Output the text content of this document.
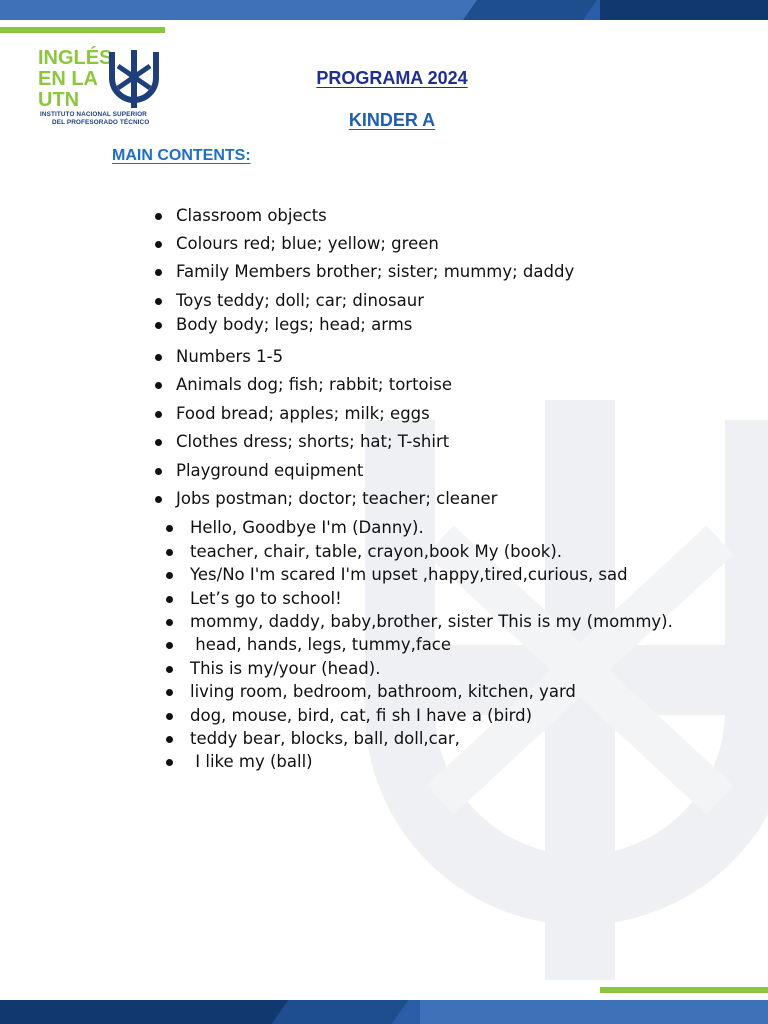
INGLÉS
EN LA
UTN
INSTITUTO NACIONAL SUPERIOR
DEL PROFESORADO TÉCNICO
PROGRAMA 2024
KINDER A
MAIN CONTENTS:
Classroom objects
Colours red; blue; yellow; green
Family Members brother; sister; mummy; daddy
Toys teddy; doll; car; dinosaur
Body body; legs; head; arms
Numbers 1-5
Animals dog; fish; rabbit; tortoise
Food bread; apples; milk; eggs
Clothes dress; shorts; hat; T-shirt
Playground equipment
Jobs postman; doctor; teacher; cleaner
Hello, Goodbye I'm (Danny).
teacher, chair, table, crayon,book My (book).
Yes/No I'm scared I'm upset ,happy,tired,curious, sad
Let’s go to school!
mommy, daddy, baby,brother, sister This is my (mommy).
head, hands, legs, tummy,face
This is my/your (head).
living room, bedroom, bathroom, kitchen, yard
dog, mouse, bird, cat, fi sh I have a (bird)
teddy bear, blocks, ball, doll,car,
I like my (ball)
